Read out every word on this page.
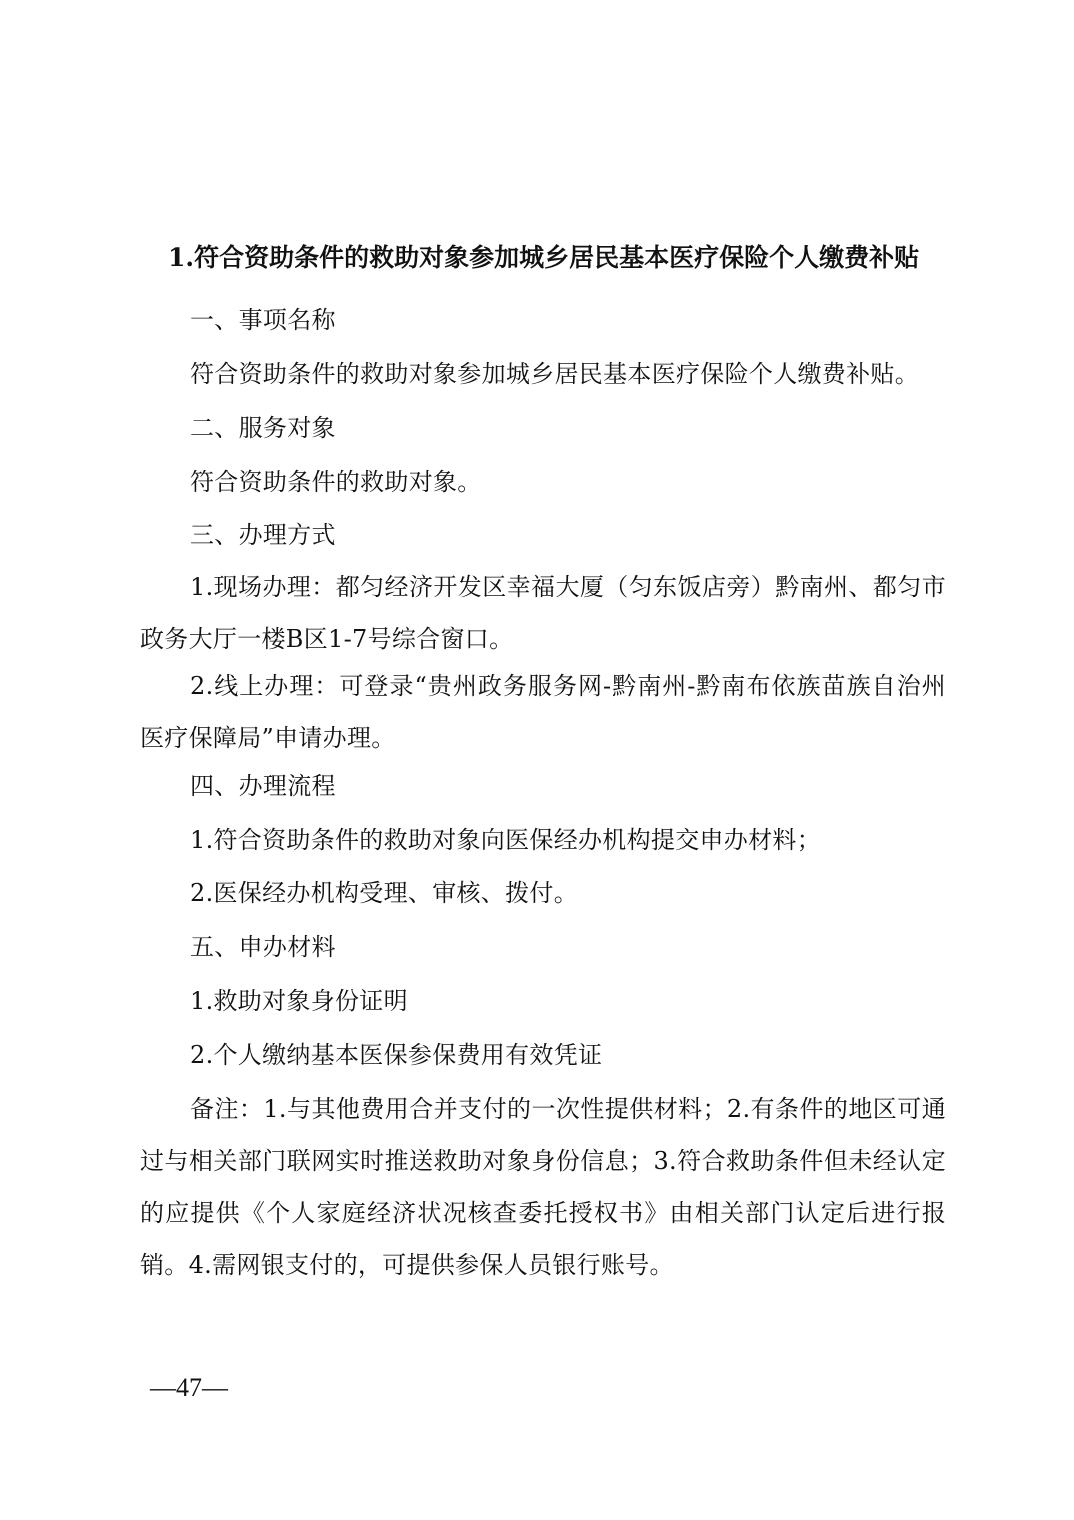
1.符合资助条件的救助对象参加城乡居民基本医疗保险个人缴费补贴
一、事项名称
符合资助条件的救助对象参加城乡居民基本医疗保险个人缴费补贴。
二、服务对象
符合资助条件的救助对象。
三、办理方式
1.现场办理：都匀经济开发区幸福大厦（匀东饭店旁）黔南州、都匀市政务大厅一楼B区1-7号综合窗口。
2.线上办理：可登录“贵州政务服务网-黔南州-黔南布依族苗族自治州医疗保障局”申请办理。
四、办理流程
1.符合资助条件的救助对象向医保经办机构提交申办材料；
2.医保经办机构受理、审核、拨付。
五、申办材料
1.救助对象身份证明
2.个人缴纳基本医保参保费用有效凭证
备注：1.与其他费用合并支付的一次性提供材料；2.有条件的地区可通过与相关部门联网实时推送救助对象身份信息；3.符合救助条件但未经认定的应提供《个人家庭经济状况核查委托授权书》由相关部门认定后进行报销。4.需网银支付的，可提供参保人员银行账号。
—47—
